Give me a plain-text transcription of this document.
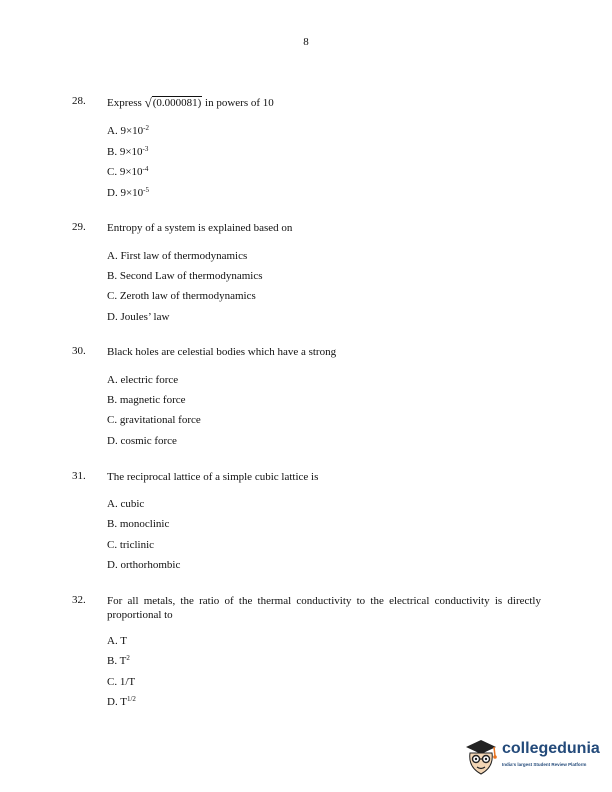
8
28. Express √(0.000081) in powers of 10
A. $9\times 10^{-2}$
B. $9\times 10^{-3}$
C. $9\times 10^{-4}$
D. $9\times 10^{-5}$
29. Entropy of a system is explained based on
A. First law of thermodynamics
B. Second Law of thermodynamics
C. Zeroth law of thermodynamics
D. Joules’ law
30. Black holes are celestial bodies which have a strong
A. electric force
B. magnetic force
C. gravitational force
D. cosmic force
31. The reciprocal lattice of a simple cubic lattice is
A. cubic
B. monoclinic
C. triclinic
D. orthorhombic
32. For all metals, the ratio of the thermal conductivity to the electrical conductivity is directly proportional to
A. T
B. $T^2$
C. 1/T
D. $T^{1/2}$
collegedunia
India's largest Student Review Platform
